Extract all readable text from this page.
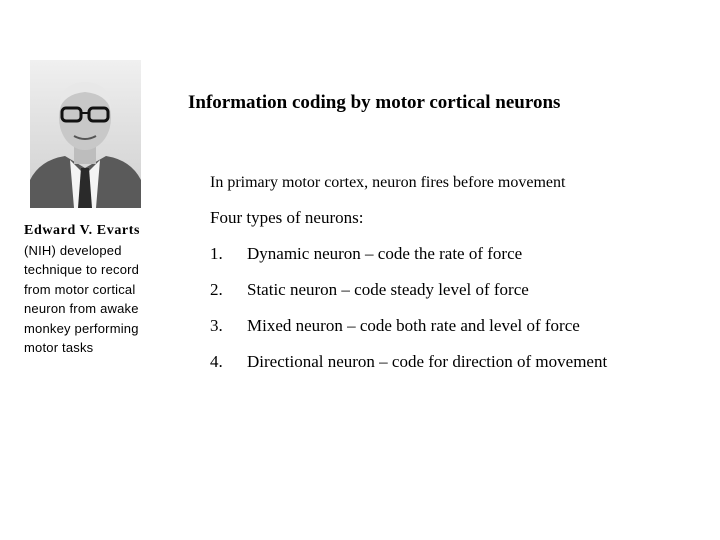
Information coding by motor cortical neurons
In primary motor cortex, neuron fires before movement
Edward V. Evarts
(NIH) developed
technique to record
from motor cortical
neuron from awake
monkey performing
motor tasks
Four types of neurons:
1.	Dynamic neuron – code the rate of force
2.	Static neuron – code steady level of force
3.	Mixed neuron – code both rate and level of force
4.	Directional neuron – code for direction of movement
